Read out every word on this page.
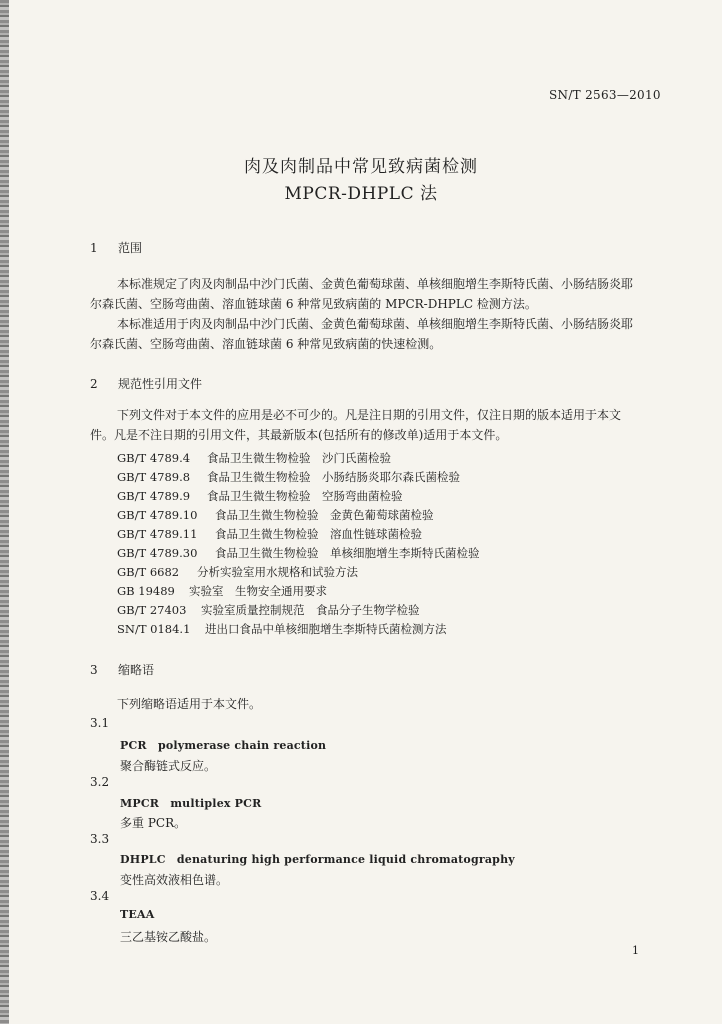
SN/T 2563—2010
肉及肉制品中常见致病菌检测
MPCR-DHPLC 法
1 范围
本标准规定了肉及肉制品中沙门氏菌、金黄色葡萄球菌、单核细胞增生李斯特氏菌、小肠结肠炎耶
尔森氏菌、空肠弯曲菌、溶血链球菌 6 种常见致病菌的 MPCR-DHPLC 检测方法。
本标准适用于肉及肉制品中沙门氏菌、金黄色葡萄球菌、单核细胞增生李斯特氏菌、小肠结肠炎耶
尔森氏菌、空肠弯曲菌、溶血链球菌 6 种常见致病菌的快速检测。
2 规范性引用文件
下列文件对于本文件的应用是必不可少的。凡是注日期的引用文件，仅注日期的版本适用于本文
件。凡是不注日期的引用文件，其最新版本(包括所有的修改单)适用于本文件。
GB/T 4789.4 食品卫生微生物检验　沙门氏菌检验
GB/T 4789.8 食品卫生微生物检验　小肠结肠炎耶尔森氏菌检验
GB/T 4789.9 食品卫生微生物检验　空肠弯曲菌检验
GB/T 4789.10 食品卫生微生物检验　金黄色葡萄球菌检验
GB/T 4789.11 食品卫生微生物检验　溶血性链球菌检验
GB/T 4789.30 食品卫生微生物检验　单核细胞增生李斯特氏菌检验
GB/T 6682 分析实验室用水规格和试验方法
GB 19489 实验室　生物安全通用要求
GB/T 27403 实验室质量控制规范　食品分子生物学检验
SN/T 0184.1 进出口食品中单核细胞增生李斯特氏菌检测方法
3 缩略语
下列缩略语适用于本文件。
3.1
PCR　polymerase chain reaction
聚合酶链式反应。
3.2
MPCR　multiplex PCR
多重 PCR。
3.3
DHPLC　denaturing high performance liquid chromatography
变性高效液相色谱。
3.4
TEAA
三乙基铵乙酸盐。
1
